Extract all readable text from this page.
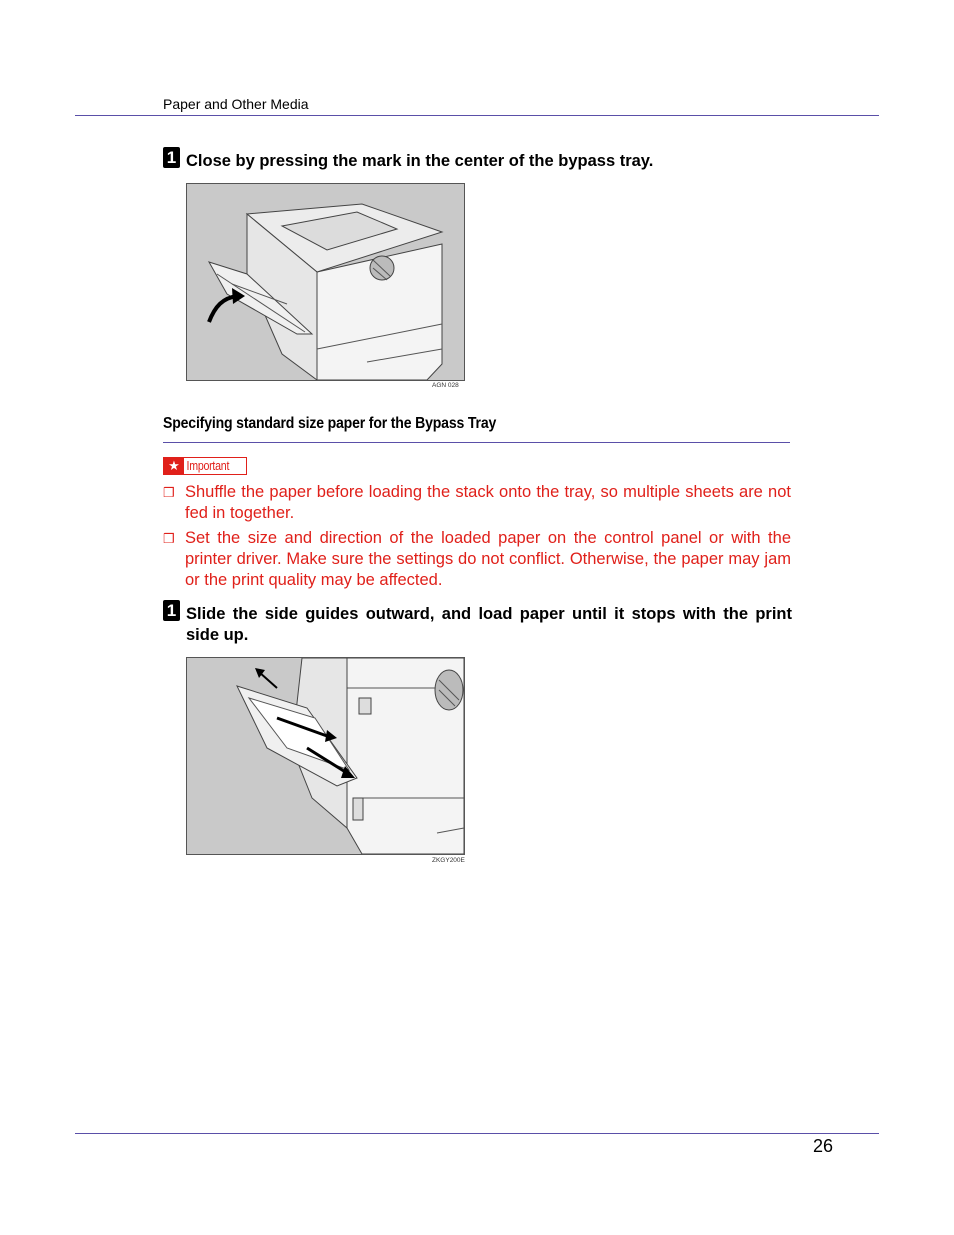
Paper and Other Media
1 Close by pressing the mark in the center of the bypass tray.
AGN 028
Specifying standard size paper for the Bypass Tray
★ Important
❒ Shuffle the paper before loading the stack onto the tray, so multiple sheets are not fed in together.
❒ Set the size and direction of the loaded paper on the control panel or with the printer driver. Make sure the settings do not conflict. Otherwise, the paper may jam or the print quality may be affected.
1 Slide the side guides outward, and load paper until it stops with the print side up.
ZKGY200E
26
